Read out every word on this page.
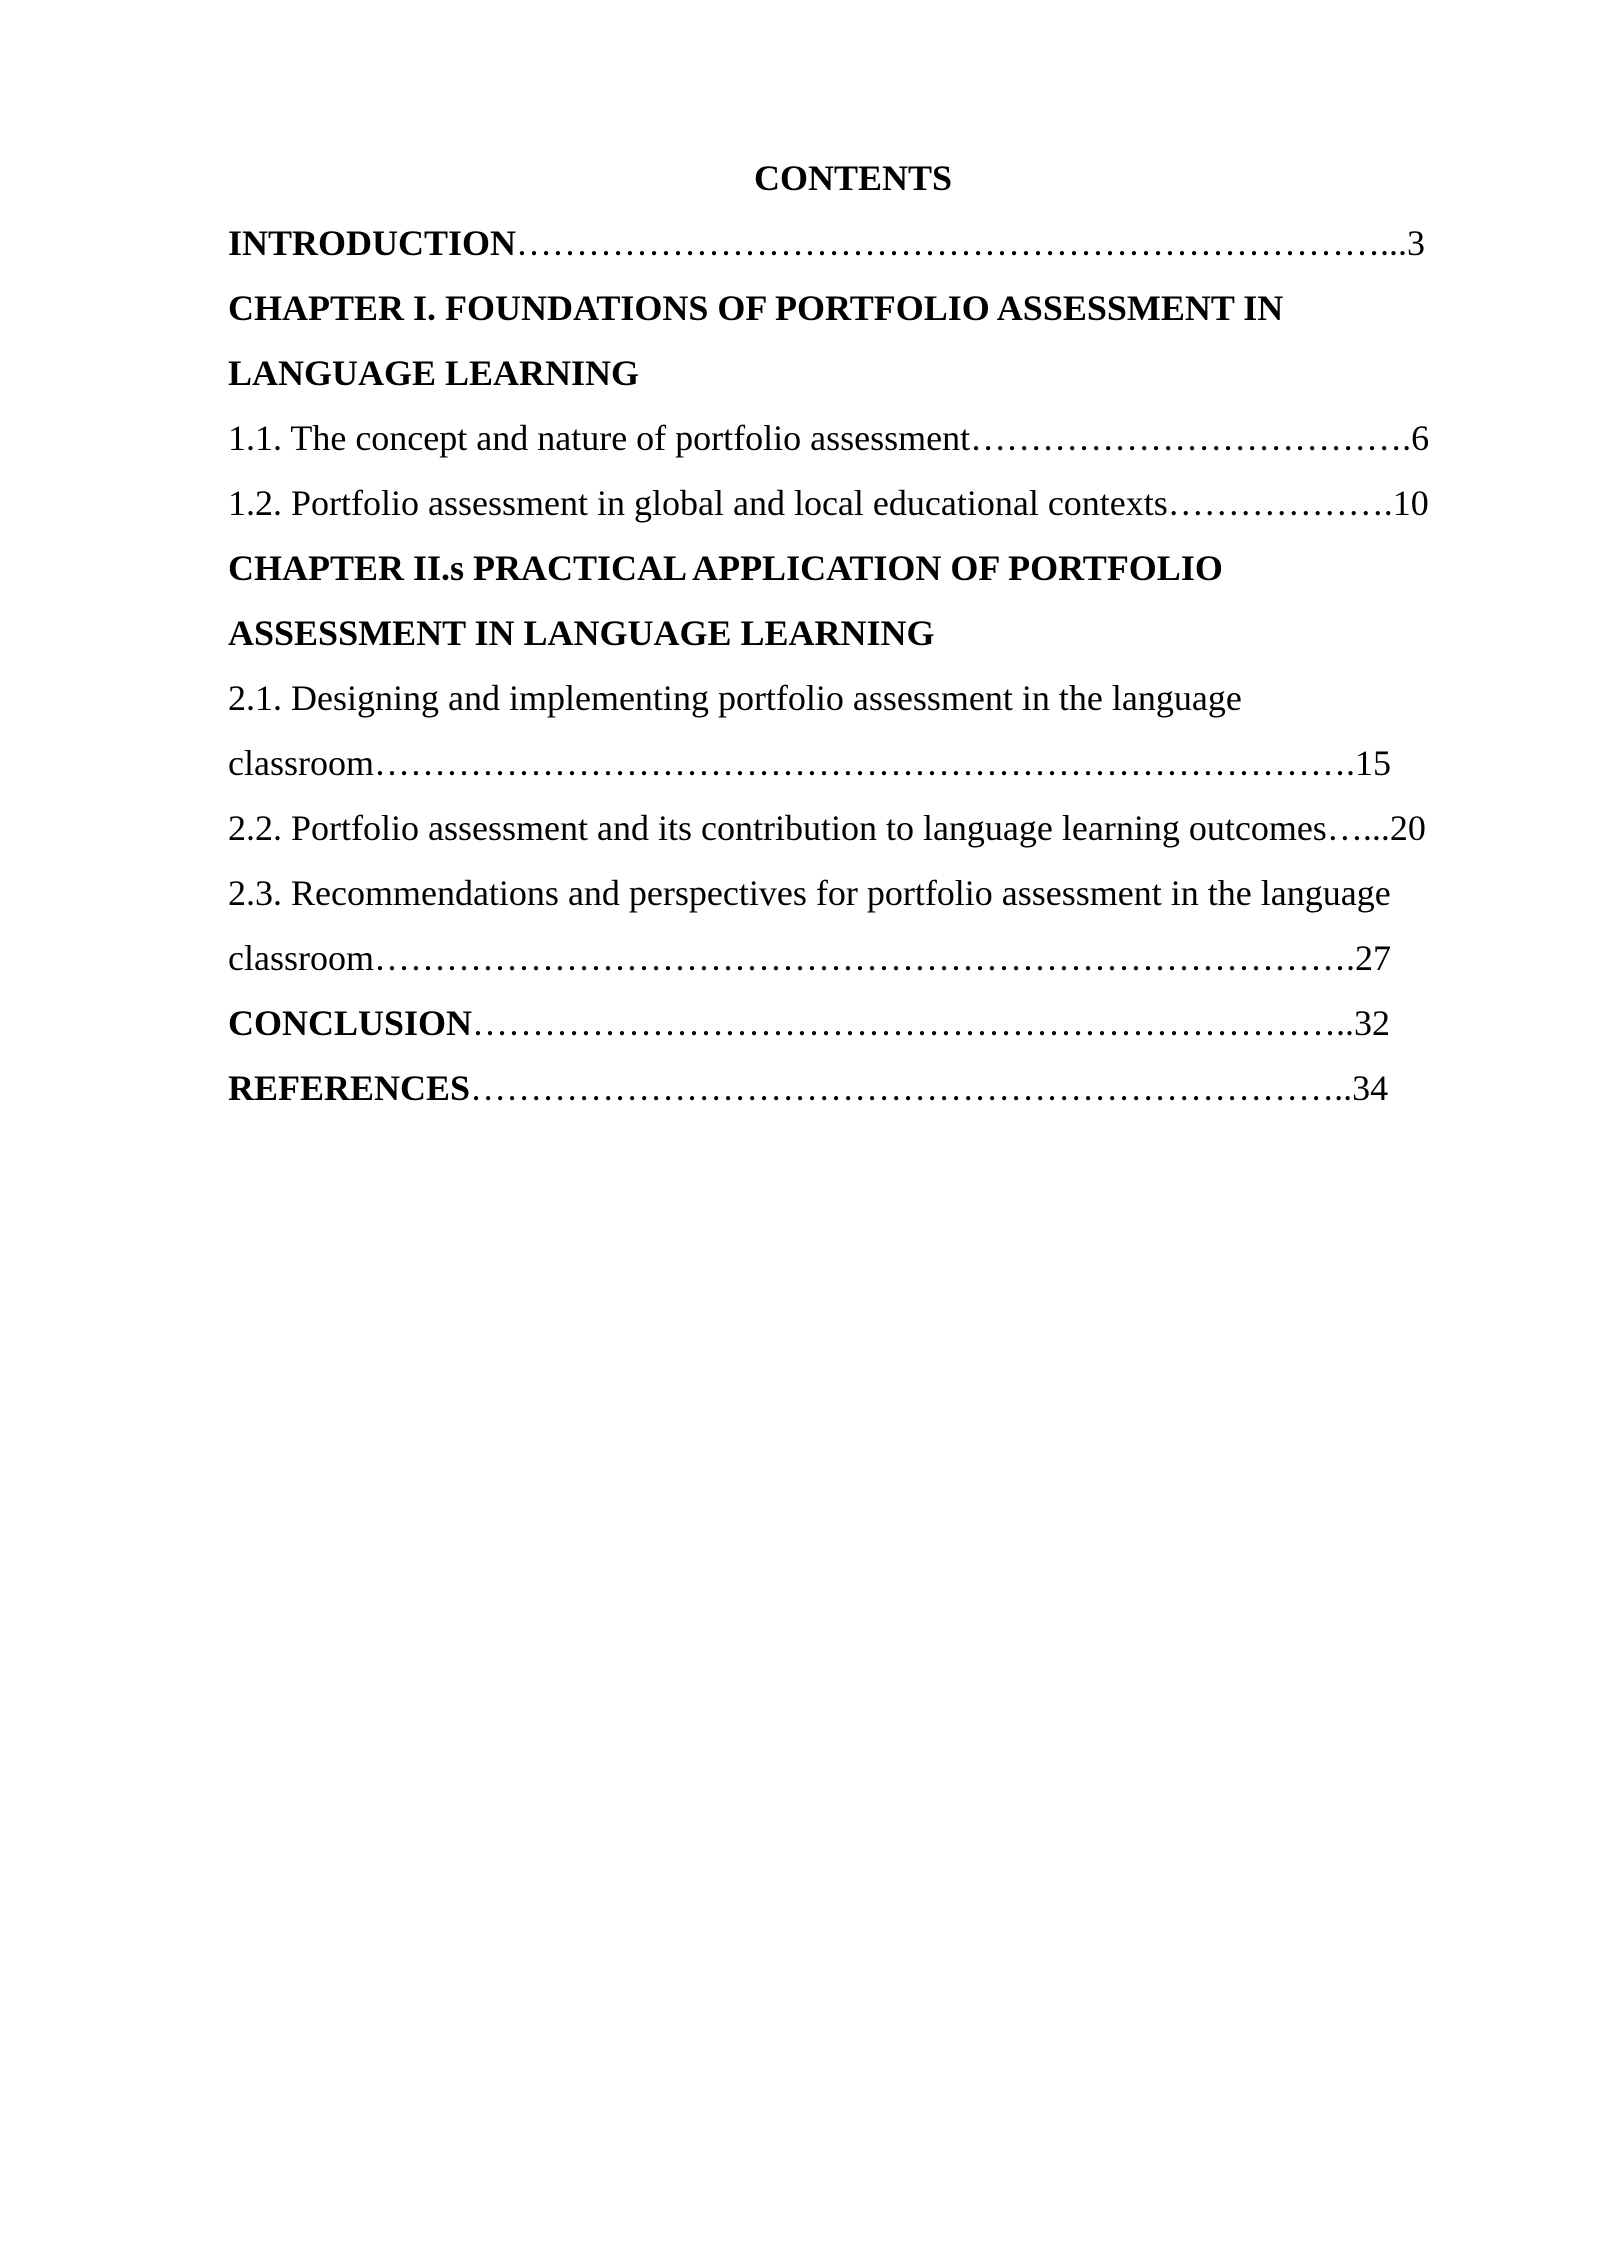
CONTENTS
INTRODUCTION………………………………………………………………...3
CHAPTER I. FOUNDATIONS OF PORTFOLIO ASSESSMENT IN
LANGUAGE LEARNING
1.1. The concept and nature of portfolio assessment……………………………….6
1.2. Portfolio assessment in global and local educational contexts……………….10
CHAPTER II.s PRACTICAL APPLICATION OF PORTFOLIO
ASSESSMENT IN LANGUAGE LEARNING
2.1. Designing and implementing portfolio assessment in the language
classroom……………………………………………………………………….15
2.2. Portfolio assessment and its contribution to language learning outcomes…...20
2.3. Recommendations and perspectives for portfolio assessment in the language
classroom……………………………………………………………………….27
CONCLUSION………………………………………………………………..32
REFERENCES………………………………………………………………..34
